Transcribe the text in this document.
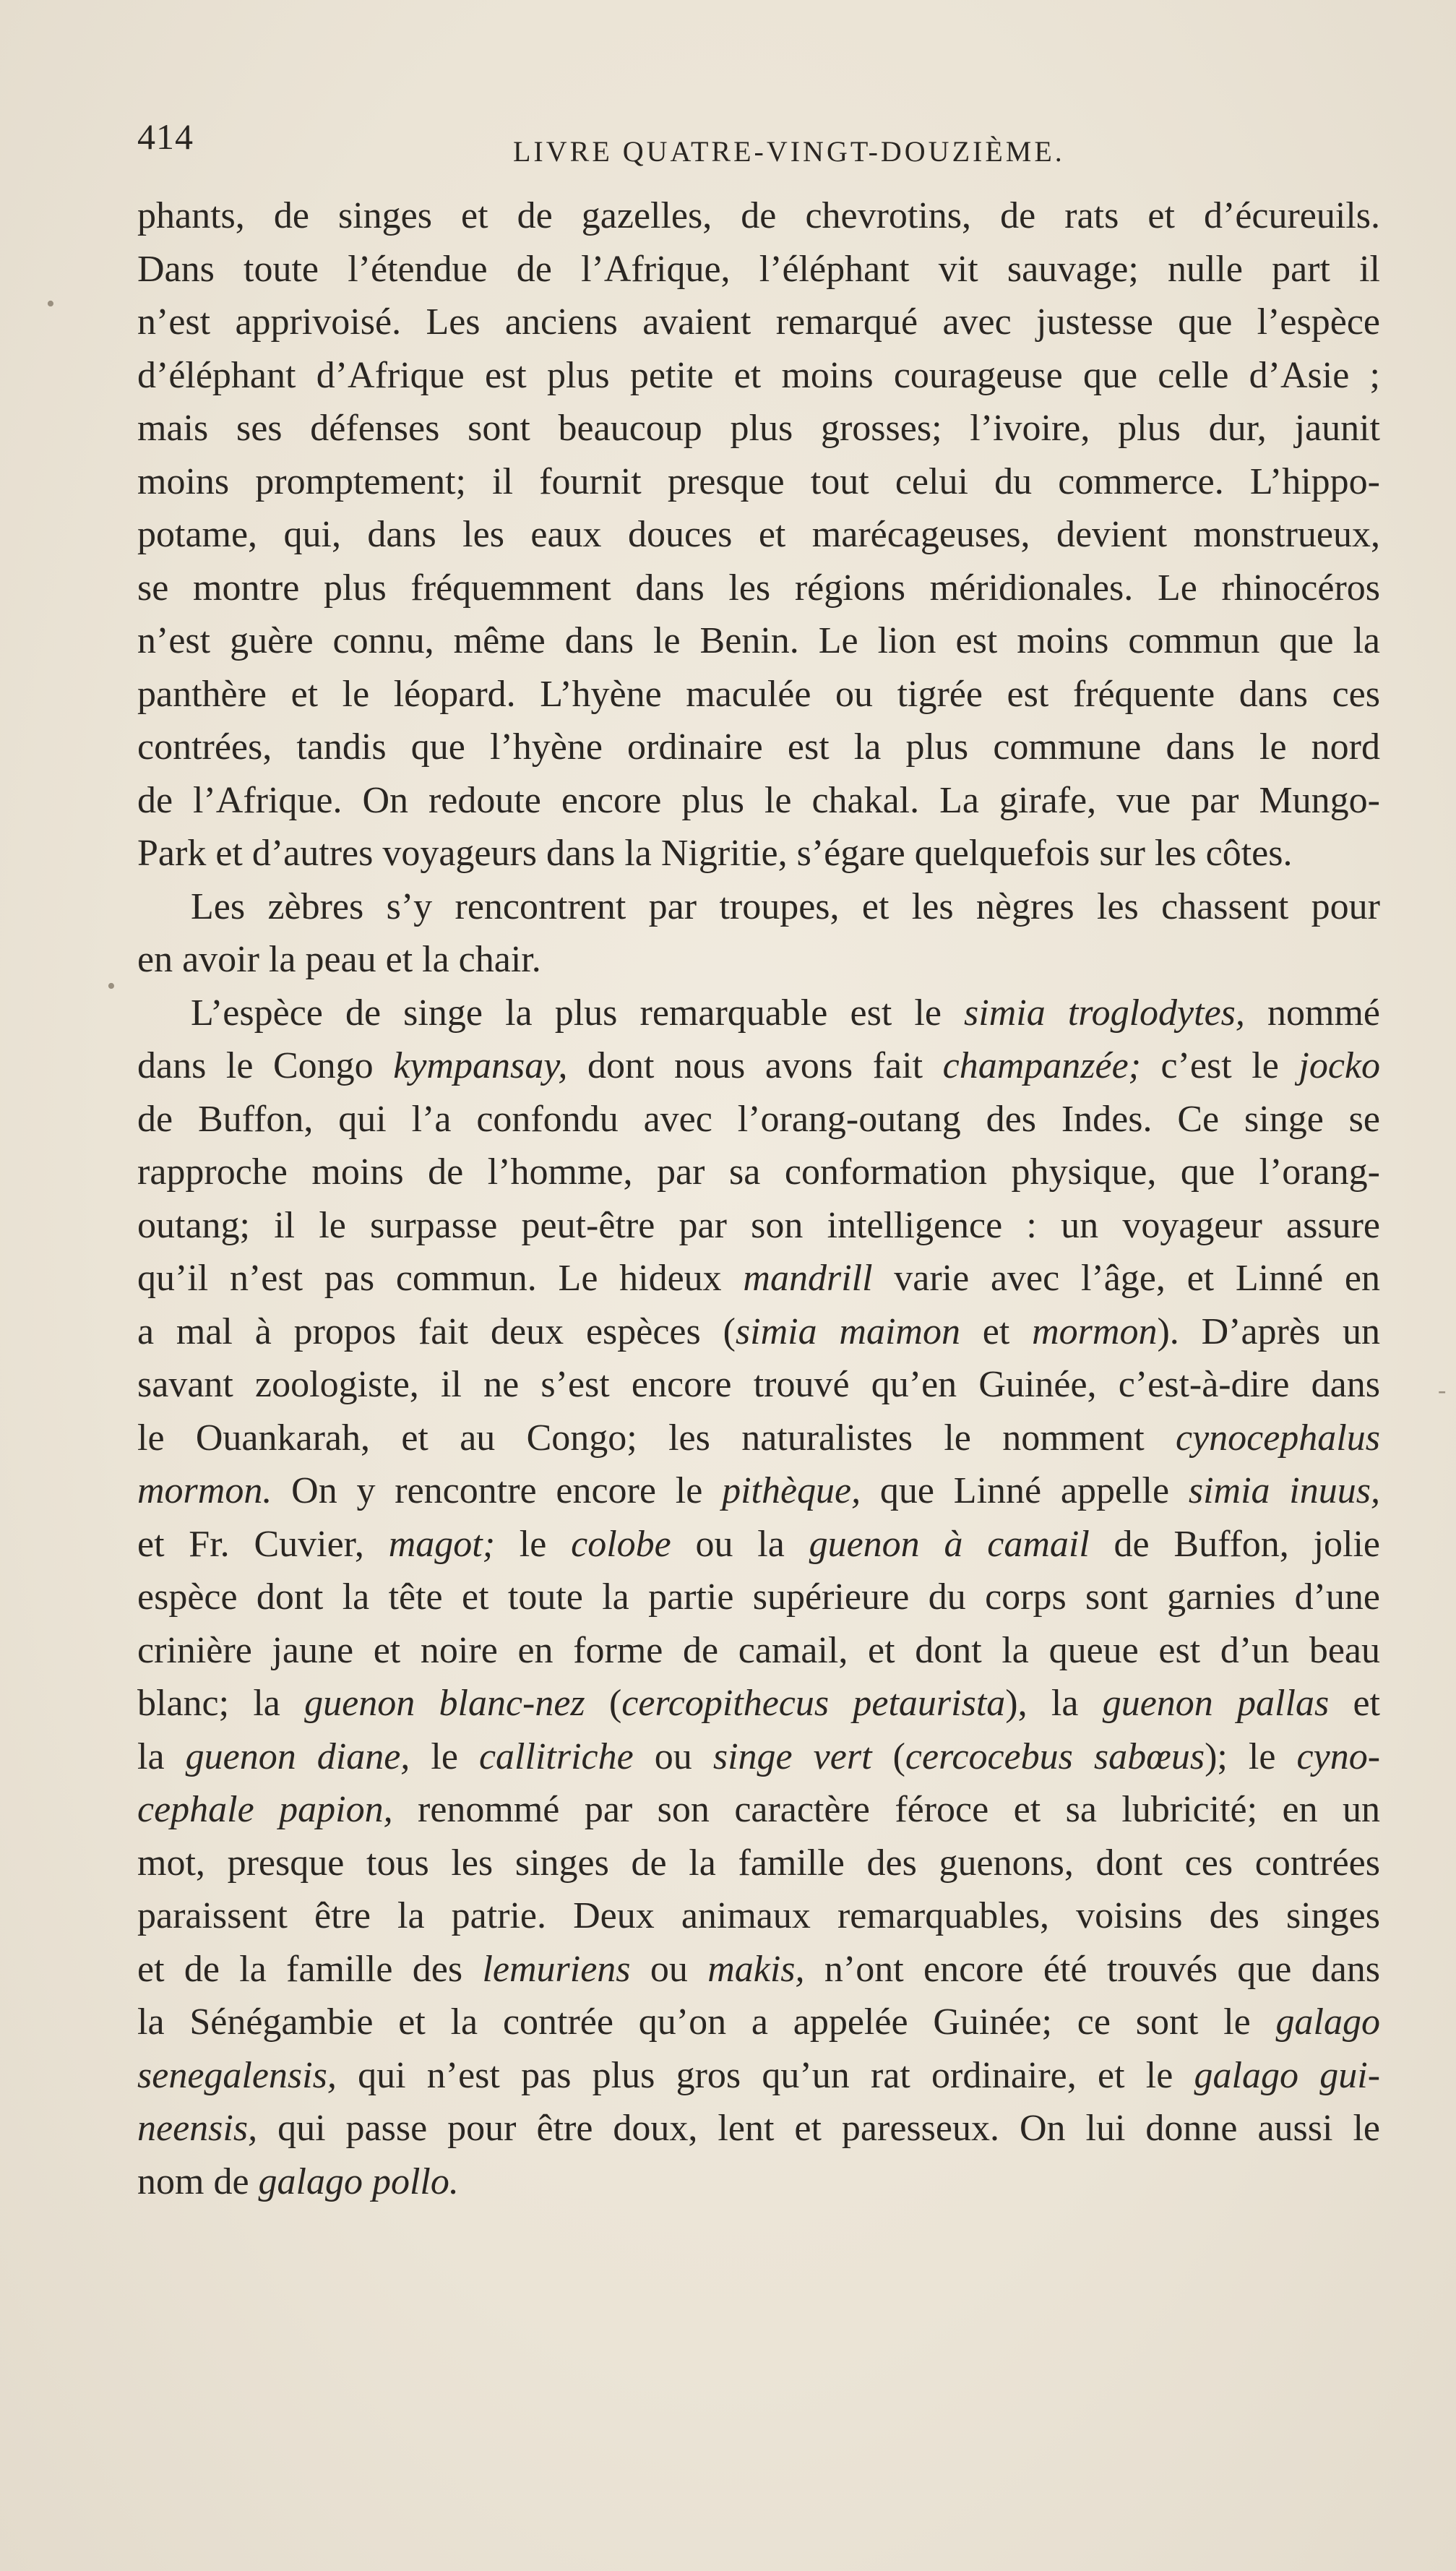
414	LIVRE QUATRE-VINGT-DOUZIÈME.
•
•
-
phants, de singes et de gazelles, de chevrotins, de rats et d’écureuils.
Dans toute l’étendue de l’Afrique, l’éléphant vit sauvage; nulle part il
n’est apprivoisé. Les anciens avaient remarqué avec justesse que l’espèce
d’éléphant d’Afrique est plus petite et moins courageuse que celle d’Asie ;
mais ses défenses sont beaucoup plus grosses; l’ivoire, plus dur, jaunit
moins promptement; il fournit presque tout celui du commerce. L’hippo-
potame, qui, dans les eaux douces et marécageuses, devient monstrueux,
se montre plus fréquemment dans les régions méridionales. Le rhinocéros
n’est guère connu, même dans le Benin. Le lion est moins commun que la
panthère et le léopard. L’hyène maculée ou tigrée est fréquente dans ces
contrées, tandis que l’hyène ordinaire est la plus commune dans le nord
de l’Afrique. On redoute encore plus le chakal. La girafe, vue par Mungo-
Park et d’autres voyageurs dans la Nigritie, s’égare quelquefois sur les côtes.
Les zèbres s’y rencontrent par troupes, et les nègres les chassent pour
en avoir la peau et la chair.
L’espèce de singe la plus remarquable est le simia troglodytes, nommé
dans le Congo kympansay, dont nous avons fait champanzée; c’est le jocko
de Buffon, qui l’a confondu avec l’orang-outang des Indes. Ce singe se
rapproche moins de l’homme, par sa conformation physique, que l’orang-
outang; il le surpasse peut-être par son intelligence : un voyageur assure
qu’il n’est pas commun. Le hideux mandrill varie avec l’âge, et Linné en
a mal à propos fait deux espèces (simia maimon et mormon). D’après un
savant zoologiste, il ne s’est encore trouvé qu’en Guinée, c’est-à-dire dans
le Ouankarah, et au Congo; les naturalistes le nomment cynocephalus
mormon. On y rencontre encore le pithèque, que Linné appelle simia inuus,
et Fr. Cuvier, magot; le colobe ou la guenon à camail de Buffon, jolie
espèce dont la tête et toute la partie supérieure du corps sont garnies d’une
crinière jaune et noire en forme de camail, et dont la queue est d’un beau
blanc; la guenon blanc-nez (cercopithecus petaurista), la guenon pallas et
la guenon diane, le callitriche ou singe vert (cercocebus sabœus); le cyno-
cephale papion, renommé par son caractère féroce et sa lubricité; en un
mot, presque tous les singes de la famille des guenons, dont ces contrées
paraissent être la patrie. Deux animaux remarquables, voisins des singes
et de la famille des lemuriens ou makis, n’ont encore été trouvés que dans
la Sénégambie et la contrée qu’on a appelée Guinée; ce sont le galago
senegalensis, qui n’est pas plus gros qu’un rat ordinaire, et le galago gui-
neensis, qui passe pour être doux, lent et paresseux. On lui donne aussi le
nom de galago pollo.
